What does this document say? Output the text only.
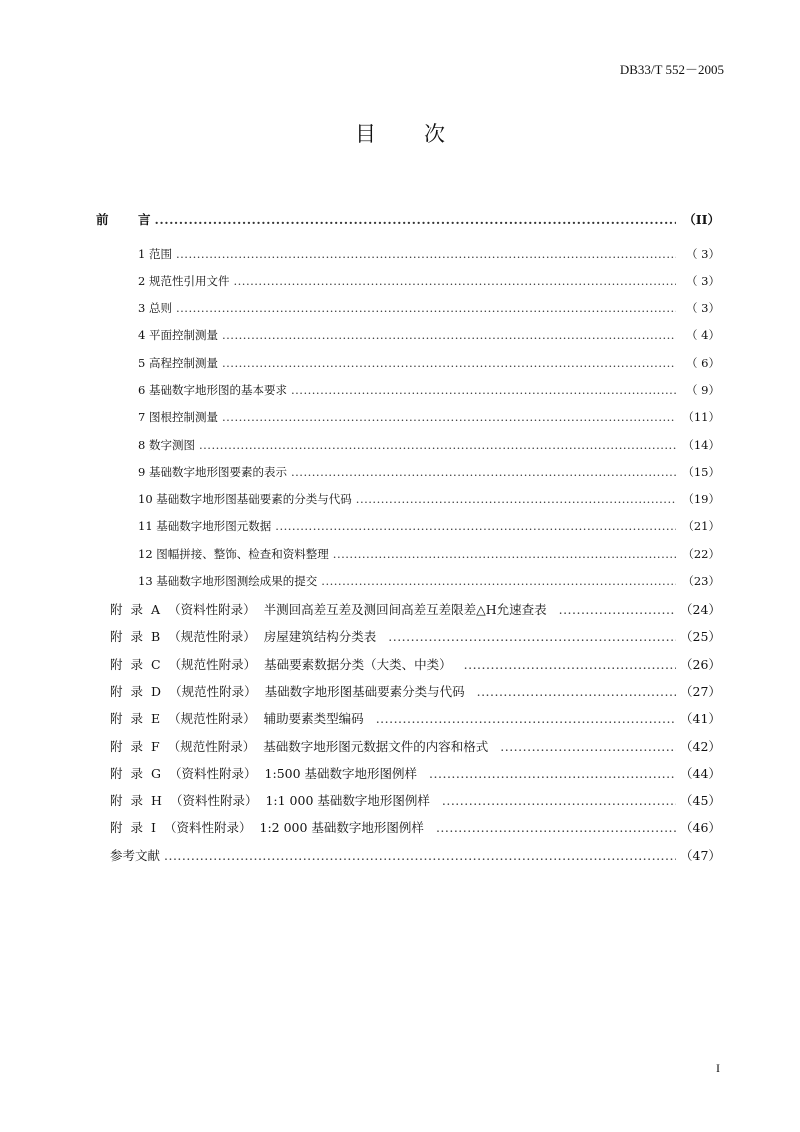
DB33/T 552－2005
目次
前 言 .....	（II）
1 范围 .....	（ 3）
2 规范性引用文件 .....	（ 3）
3 总则 .....	（ 3）
4 平面控制测量 .....	（ 4）
5 高程控制测量 .....	（ 6）
6 基础数字地形图的基本要求 .....	（ 9）
7 图根控制测量 .....	（11）
8 数字测图 .....	（14）
9 基础数字地形图要素的表示 .....	（15）
10 基础数字地形图基础要素的分类与代码 .....	（19）
11 基础数字地形图元数据 .....	（21）
12 图幅拼接、整饰、检查和资料整理 .....	（22）
13 基础数字地形图测绘成果的提交 .....	（23）
附 录 A （资料性附录） 半测回高差互差及测回间高差互差限差△H允速查表 .....	（24）
附 录 B （规范性附录） 房屋建筑结构分类表 .....	（25）
附 录 C （规范性附录） 基础要素数据分类（大类、中类） .....	（26）
附 录 D （规范性附录） 基础数字地形图基础要素分类与代码 .....	（27）
附 录 E （规范性附录） 辅助要素类型编码 .....	（41）
附 录 F （规范性附录） 基础数字地形图元数据文件的内容和格式 .....	（42）
附 录 G （资料性附录） 1:500 基础数字地形图例样 .....	（44）
附 录 H （资料性附录） 1:1 000 基础数字地形图例样 .....	（45）
附 录 I （资料性附录） 1:2 000 基础数字地形图例样 .....	（46）
参考文献 .....	（47）
I
